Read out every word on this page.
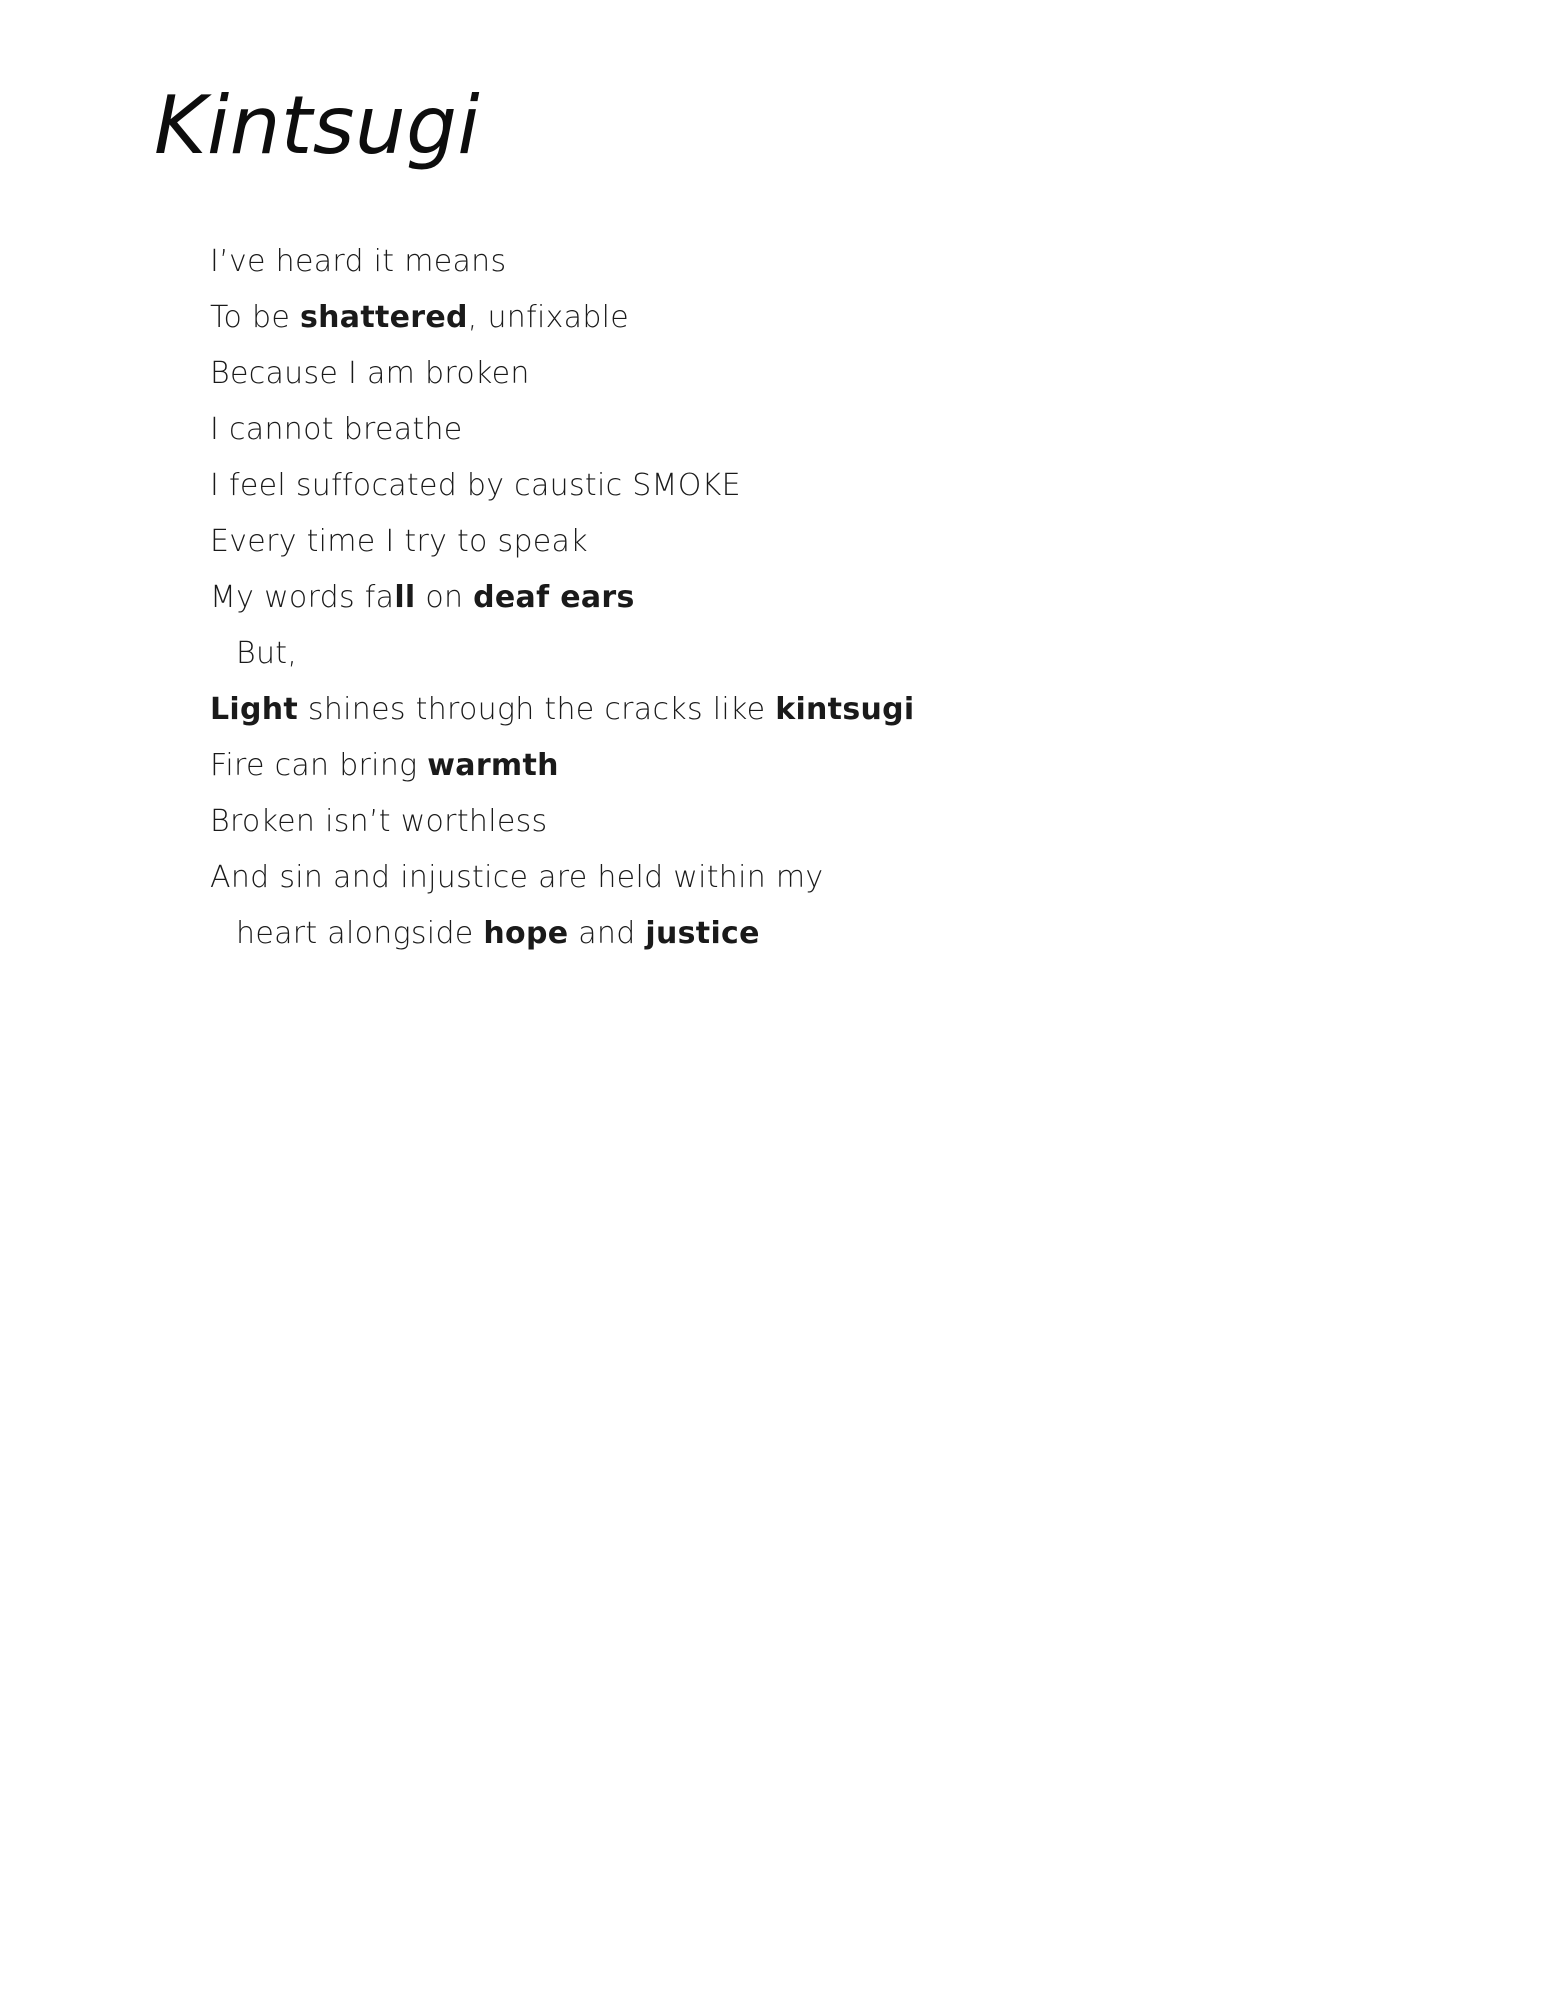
Kintsugi
I’ve heard it means
To be shattered, unfixable
Because I am broken
I cannot breathe
I feel suffocated by caustic SMOKE
Every time I try to speak
My words fall on deaf ears
But,
Light shines through the cracks like kintsugi
Fire can bring warmth
Broken isn’t worthless
And sin and injustice are held within my
heart alongside hope and justice
